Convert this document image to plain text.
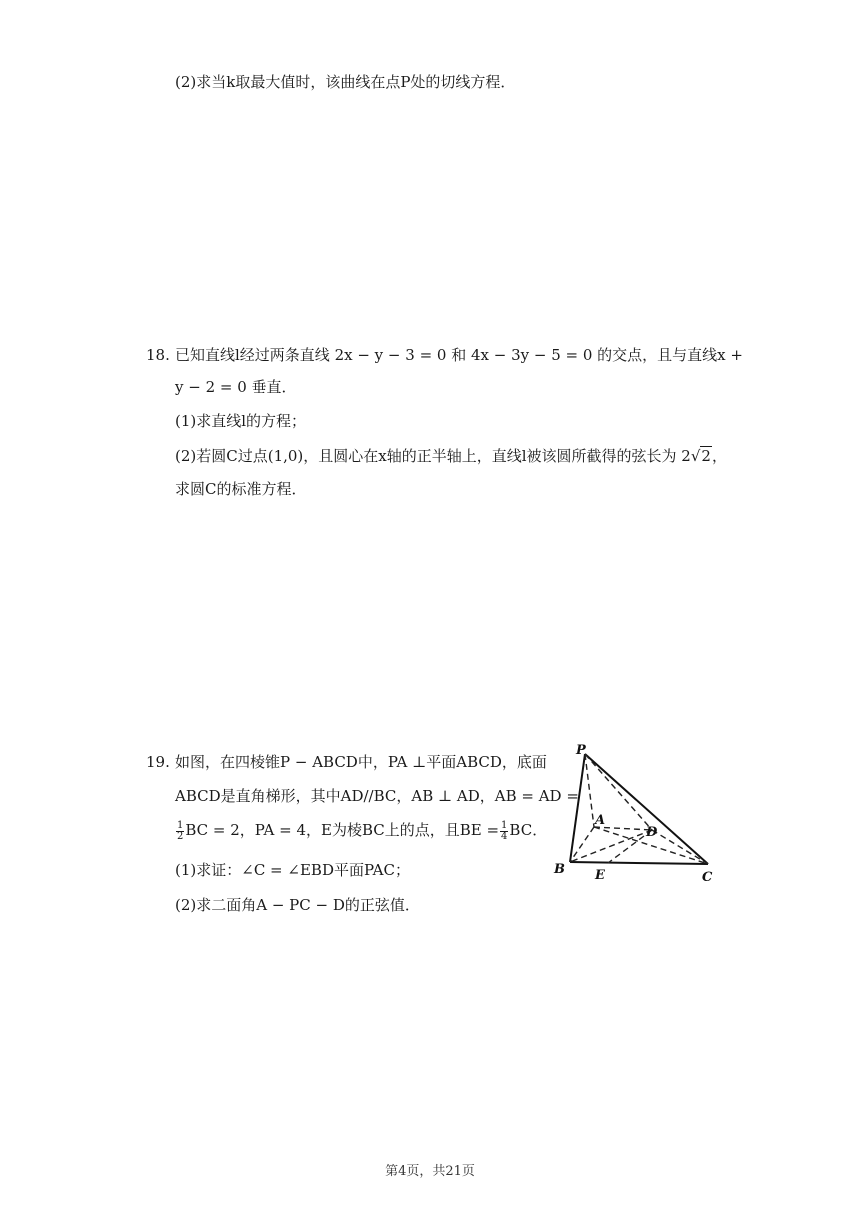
(2)求当k取最大值时，该曲线在点P处的切线方程．
18. 已知直线l经过两条直线 2x − y − 3 = 0 和 4x − 3y − 5 = 0 的交点，且与直线x +
y − 2 = 0 垂直．
(1)求直线l的方程；
(2)若圆C过点(1,0)，且圆心在x轴的正半轴上，直线l被该圆所截得的弦长为 2√2，
求圆C的标准方程．
19. 如图，在四棱锥P − ABCD中，PA ⊥平面ABCD，底面
ABCD是直角梯形，其中AD//BC，AB ⊥ AD，AB = AD =
$\frac{1}{2}$ BC = 2，PA = 4，E为棱BC上的点，且BE = $\frac{1}{4}$ BC．
(1)求证：∠C = ∠EBD平面PAC；
(2)求二面角A − PC − D的正弦值．
P
A
D
B E	C
第4页，共21页
